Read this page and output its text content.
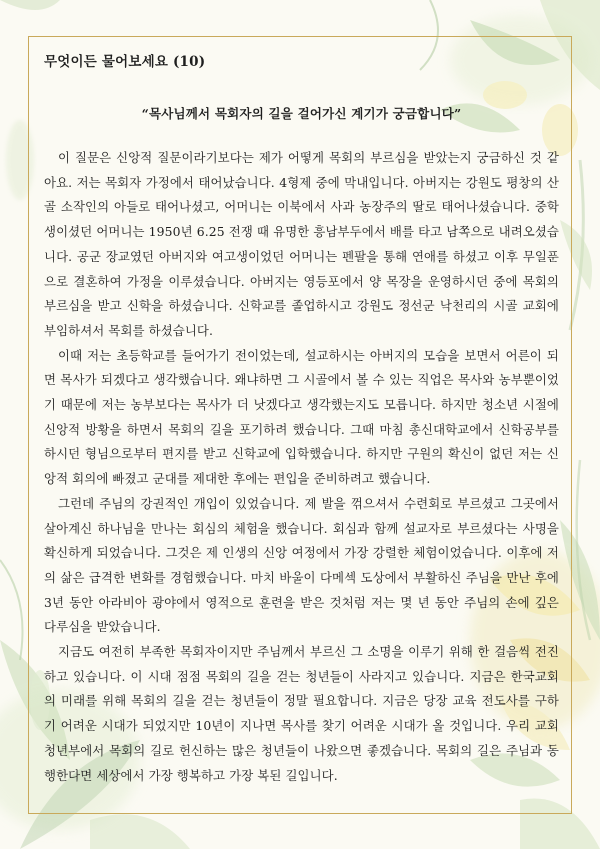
무엇이든 물어보세요 (10)
“목사님께서 목회자의 길을 걸어가신 계기가 궁금합니다”

이 질문은 신앙적 질문이라기보다는 제가 어떻게 목회의 부르심을 받았는지 궁금하신 것 같아요. 저는 목회자 가정에서 태어났습니다. 4형제 중에 막내입니다. 아버지는 강원도 평창의 산골 소작인의 아들로 태어나셨고, 어머니는 이북에서 사과 농장주의 딸로 태어나셨습니다. 중학생이셨던 어머니는 1950년 6.25 전쟁 때 유명한 흥남부두에서 배를 타고 남쪽으로 내려오셨습니다. 공군 장교였던 아버지와 여고생이었던 어머니는 펜팔을 통해 연애를 하셨고 이후 무일푼으로 결혼하여 가정을 이루셨습니다. 아버지는 영등포에서 양 목장을 운영하시던 중에 목회의 부르심을 받고 신학을 하셨습니다. 신학교를 졸업하시고 강원도 정선군 낙천리의 시골 교회에 부임하셔서 목회를 하셨습니다.

이때 저는 초등학교를 들어가기 전이었는데, 설교하시는 아버지의 모습을 보면서 어른이 되면 목사가 되겠다고 생각했습니다. 왜냐하면 그 시골에서 볼 수 있는 직업은 목사와 농부뿐이었기 때문에 저는 농부보다는 목사가 더 낫겠다고 생각했는지도 모릅니다. 하지만 청소년 시절에 신앙적 방황을 하면서 목회의 길을 포기하려 했습니다. 그때 마침 총신대학교에서 신학공부를 하시던 형님으로부터 편지를 받고 신학교에 입학했습니다. 하지만 구원의 확신이 없던 저는 신앙적 회의에 빠졌고 군대를 제대한 후에는 편입을 준비하려고 했습니다.

그런데 주님의 강권적인 개입이 있었습니다. 제 발을 꺾으셔서 수련회로 부르셨고 그곳에서 살아계신 하나님을 만나는 회심의 체험을 했습니다. 회심과 함께 설교자로 부르셨다는 사명을 확신하게 되었습니다. 그것은 제 인생의 신앙 여정에서 가장 강렬한 체험이었습니다. 이후에 저의 삶은 급격한 변화를 경험했습니다. 마치 바울이 다메섹 도상에서 부활하신 주님을 만난 후에 3년 동안 아라비아 광야에서 영적으로 훈련을 받은 것처럼 저는 몇 년 동안 주님의 손에 깊은 다루심을 받았습니다.

지금도 여전히 부족한 목회자이지만 주님께서 부르신 그 소명을 이루기 위해 한 걸음씩 전진하고 있습니다. 이 시대 점점 목회의 길을 걷는 청년들이 사라지고 있습니다. 지금은 한국교회의 미래를 위해 목회의 길을 걷는 청년들이 정말 필요합니다. 지금은 당장 교육 전도사를 구하기 어려운 시대가 되었지만 10년이 지나면 목사를 찾기 어려운 시대가 올 것입니다. 우리 교회 청년부에서 목회의 길로 헌신하는 많은 청년들이 나왔으면 좋겠습니다. 목회의 길은 주님과 동행한다면 세상에서 가장 행복하고 가장 복된 길입니다.
